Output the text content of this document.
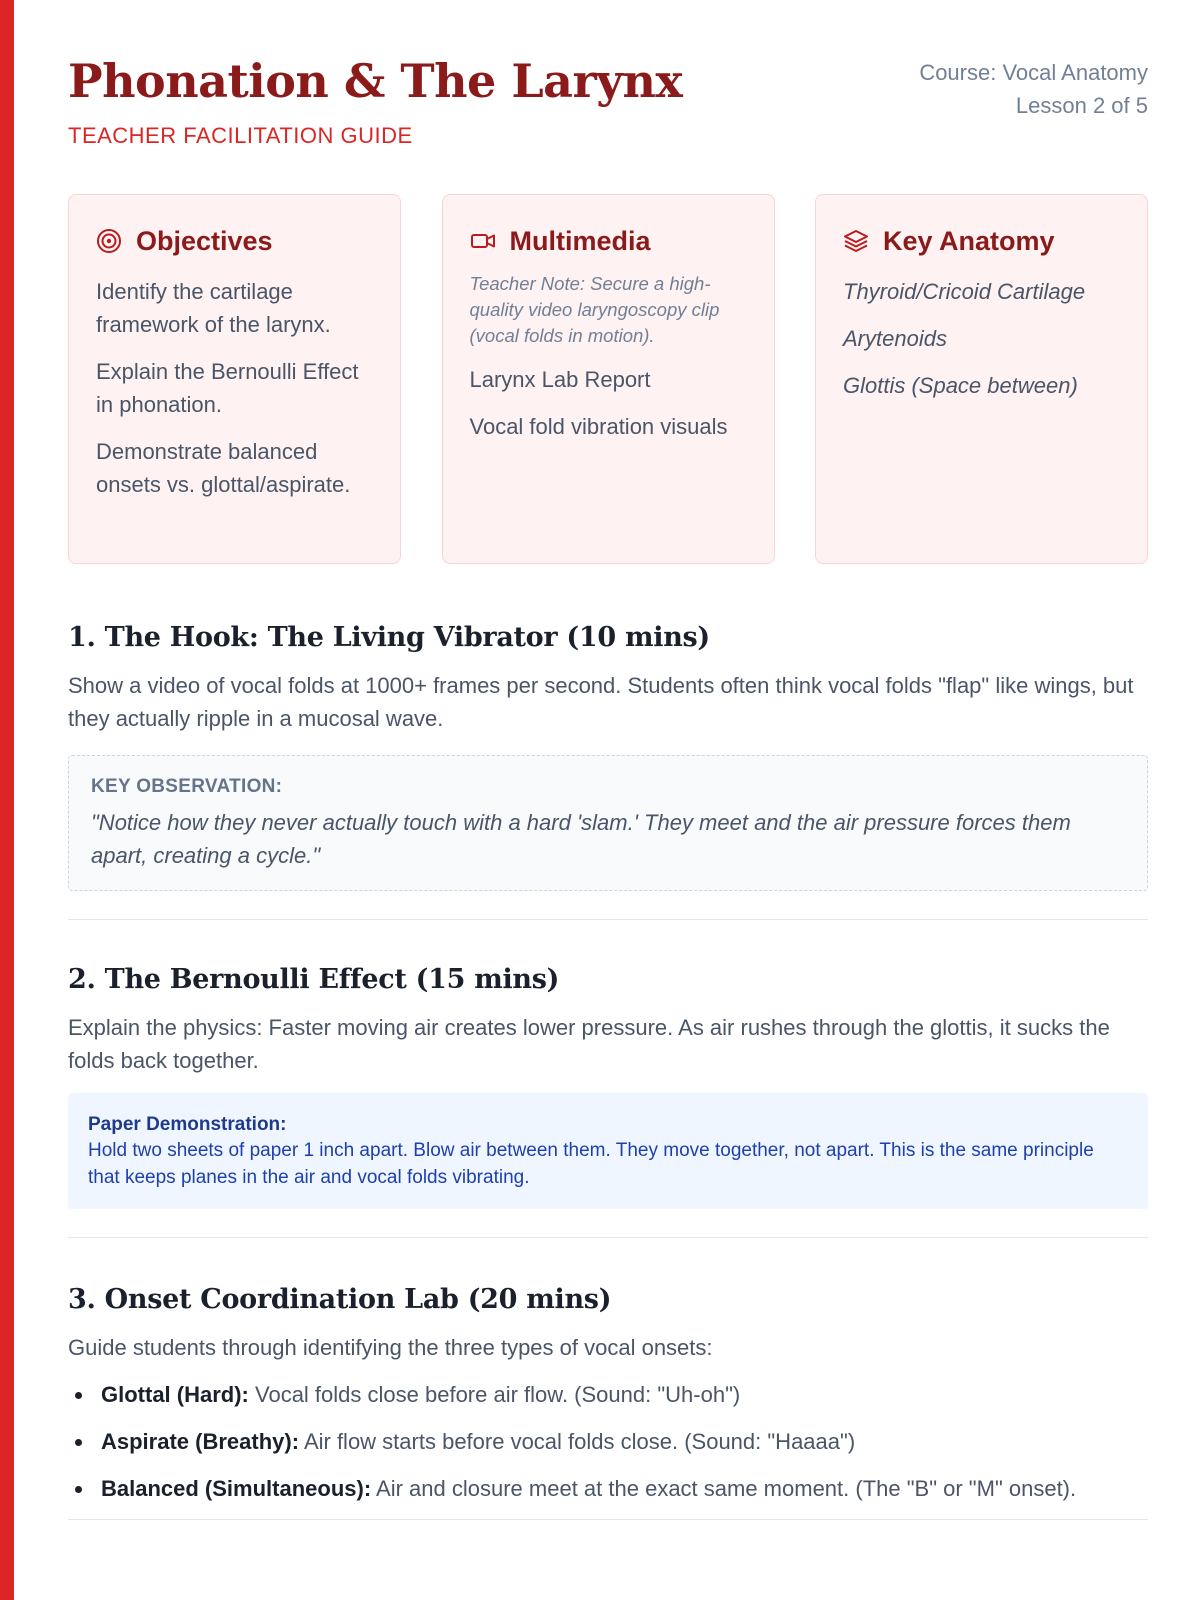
Phonation & The Larynx
TEACHER FACILITATION GUIDE
Course: Vocal Anatomy
Lesson 2 of 5
Objectives
Identify the cartilage framework of the larynx.
Explain the Bernoulli Effect in phonation.
Demonstrate balanced onsets vs. glottal/aspirate.
Multimedia
Teacher Note: Secure a high-quality video laryngoscopy clip (vocal folds in motion).
Larynx Lab Report
Vocal fold vibration visuals
Key Anatomy
Thyroid/Cricoid Cartilage
Arytenoids
Glottis (Space between)
1. The Hook: The Living Vibrator (10 mins)

Show a video of vocal folds at 1000+ frames per second. Students often think vocal folds "flap" like wings, but they actually ripple in a mucosal wave.

KEY OBSERVATION:
"Notice how they never actually touch with a hard 'slam.' They meet and the air pressure forces them apart, creating a cycle."
2. The Bernoulli Effect (15 mins)

Explain the physics: Faster moving air creates lower pressure. As air rushes through the glottis, it sucks the folds back together.

Paper Demonstration:
Hold two sheets of paper 1 inch apart. Blow air between them. They move together, not apart. This is the same principle that keeps planes in the air and vocal folds vibrating.
3. Onset Coordination Lab (20 mins)

Guide students through identifying the three types of vocal onsets:

Glottal (Hard): Vocal folds close before air flow. (Sound: "Uh-oh")
Aspirate (Breathy): Air flow starts before vocal folds close. (Sound: "Haaaa")
Balanced (Simultaneous): Air and closure meet at the exact same moment. (The "B" or "M" onset).
